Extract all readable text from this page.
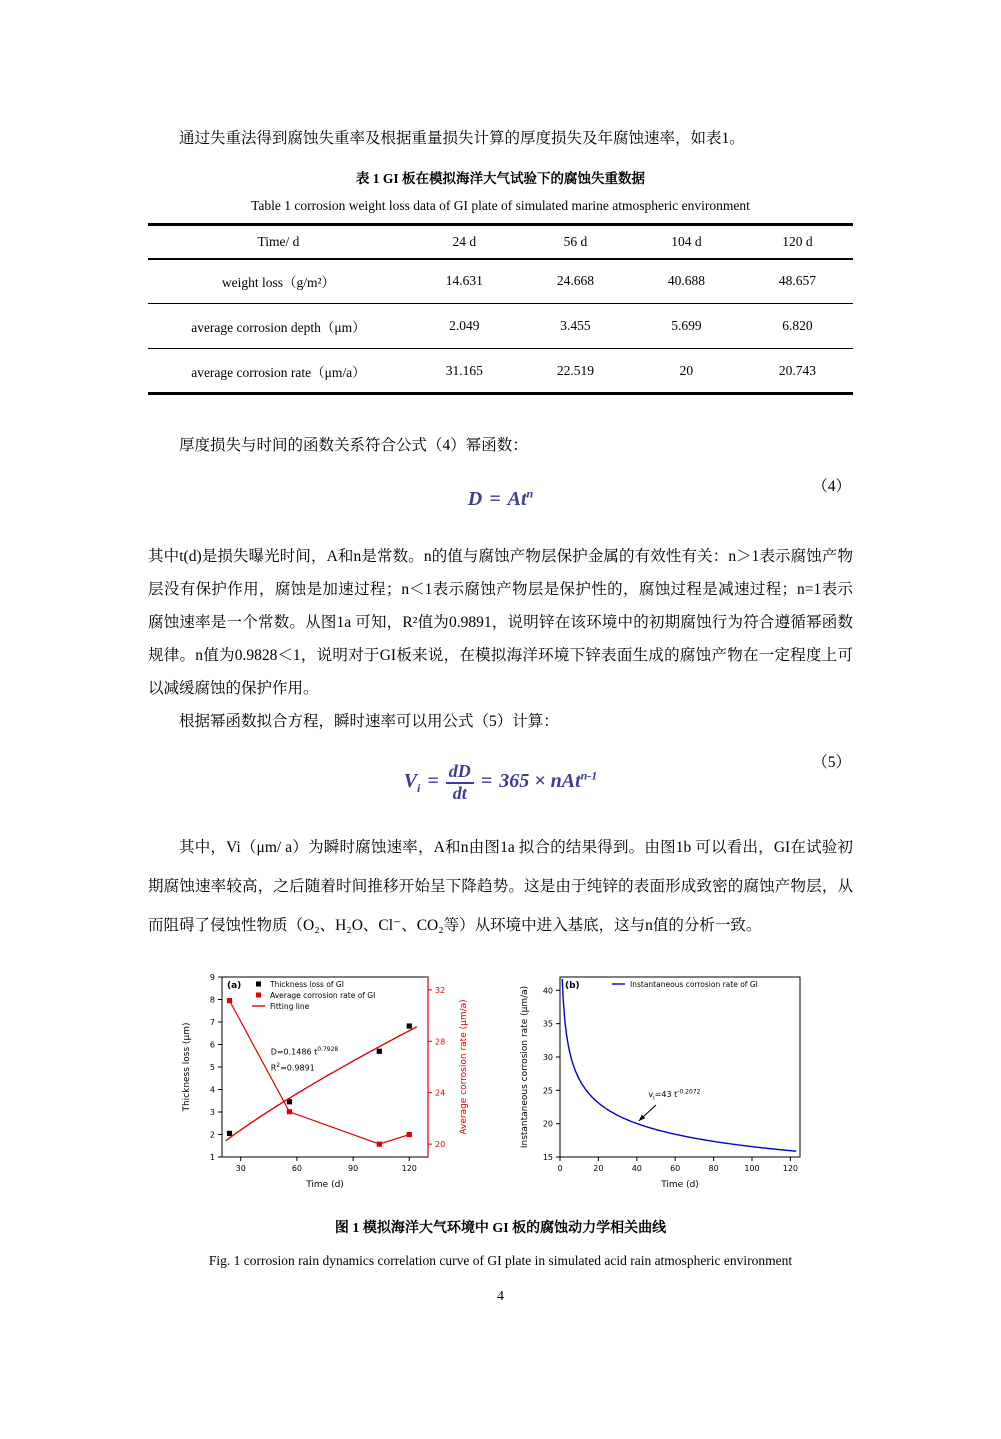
通过失重法得到腐蚀失重率及根据重量损失计算的厚度损失及年腐蚀速率，如表1。

表 1 GI 板在模拟海洋大气试验下的腐蚀失重数据

Table 1 corrosion weight loss data of GI plate of simulated marine atmospheric environment

Time/ d	24 d	56 d	104 d	120 d
weight loss（g/m²）	14.631	24.668	40.688	48.657
average corrosion depth（μm）	2.049	3.455	5.699	6.820
average corrosion rate（μm/a）	31.165	22.519	20	20.743

厚度损失与时间的函数关系符合公式（4）幂函数：

$D = At^n$	（4）

其中t(d)是损失曝光时间，A和n是常数。n的值与腐蚀产物层保护金属的有效性有关：n＞1表示腐蚀产物层没有保护作用，腐蚀是加速过程；n＜1表示腐蚀产物层是保护性的，腐蚀过程是减速过程；n=1表示腐蚀速率是一个常数。从图1a 可知，R²值为0.9891，说明锌在该环境中的初期腐蚀行为符合遵循幂函数规律。n值为0.9828＜1，说明对于GI板来说，在模拟海洋环境下锌表面生成的腐蚀产物在一定程度上可以减缓腐蚀的保护作用。

根据幂函数拟合方程，瞬时速率可以用公式（5）计算：

$V_i = \frac{dD}{dt} = 365 \times nAt^{n-1}$
（5）

其中，Vi（μm/ a）为瞬时腐蚀速率，A和n由图1a 拟合的结果得到。由图1b 可以看出，GI在试验初期腐蚀速率较高，之后随着时间推移开始呈下降趋势。这是由于纯锌的表面形成致密的腐蚀产物层，从而阻碍了侵蚀性物质（O₂、H₂O、Cl⁻、CO₂等）从环境中进入基底，这与n值的分析一致。

30	60	90	120
1
2
3
4
5
6
7
8
9
20
24
28
32
Time (d)
Thickness loss (μm)	Average corrosion rate (μm/a)
(a)	Thickness loss of GI
Average corrosion rate of GI
Fitting line
D=0.1486 $t^{0.7928}$
$R^2=0.9891$
0	20	40	60	80	100	120
15
20
25
30
35
40
Time (d)
Instantaneous corrosion rate (μm/a)	(b)	Instantaneous corrosion rate of GI
$v_i=43$ $t^{-0.2072}$

图 1 模拟海洋大气环境中 GI 板的腐蚀动力学相关曲线

Fig. 1 corrosion rain dynamics correlation curve of GI plate in simulated acid rain atmospheric environment

4
